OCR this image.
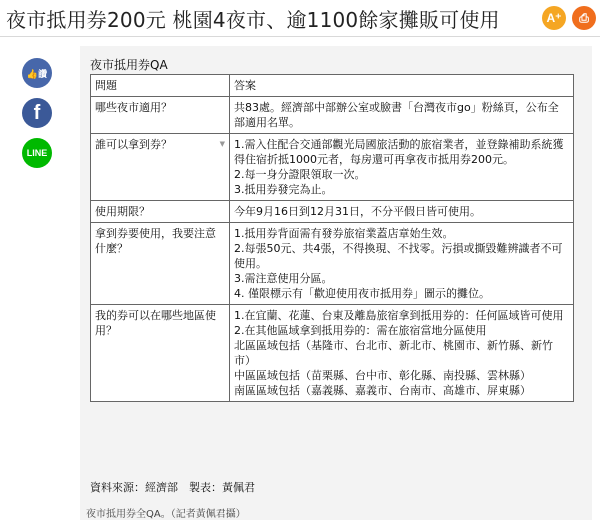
夜市抵用券200元 桃園4夜市、逾1100餘家攤販可使用	A⁺	⎙
👍讚
f
LINE
夜市抵用券QA
問題	答案
哪些夜市適用？	共83處。經濟部中部辦公室或臉書「台灣夜市go」粉絲頁，公布全部適用名單。

誰可以拿到券？ ▼	1.需入住配合交通部觀光局國旅活動的旅宿業者，並登錄補助系統獲得住宿折抵1000元者，每房還可再拿夜市抵用券200元。
2.每一身分證限領取一次。
3.抵用券發完為止。

使用期限？	今年9月16日到12月31日，不分平假日皆可使用。

拿到券要使用，我要注意什麼？	1.抵用券背面需有發券旅宿業蓋店章始生效。
2.每張50元、共4張，不得換現、不找零。污損或撕毀難辨識者不可使用。
3.需注意使用分區。
4. 僅限標示有「歡迎使用夜市抵用券」圖示的攤位。

我的券可以在哪些地區使用？	1.在宜蘭、花蓮、台東及離島旅宿拿到抵用券的：任何區域皆可使用
2.在其他區域拿到抵用券的：需在旅宿當地分區使用
北區區域包括（基隆市、台北市、新北市、桃園市、新竹縣、新竹市）
中區區域包括（苗栗縣、台中市、彰化縣、南投縣、雲林縣）
南區區域包括（嘉義縣、嘉義市、台南市、高雄市、屏東縣）
資料來源：經濟部　製表：黃佩君
夜市抵用券全QA。（記者黃佩君攝）
